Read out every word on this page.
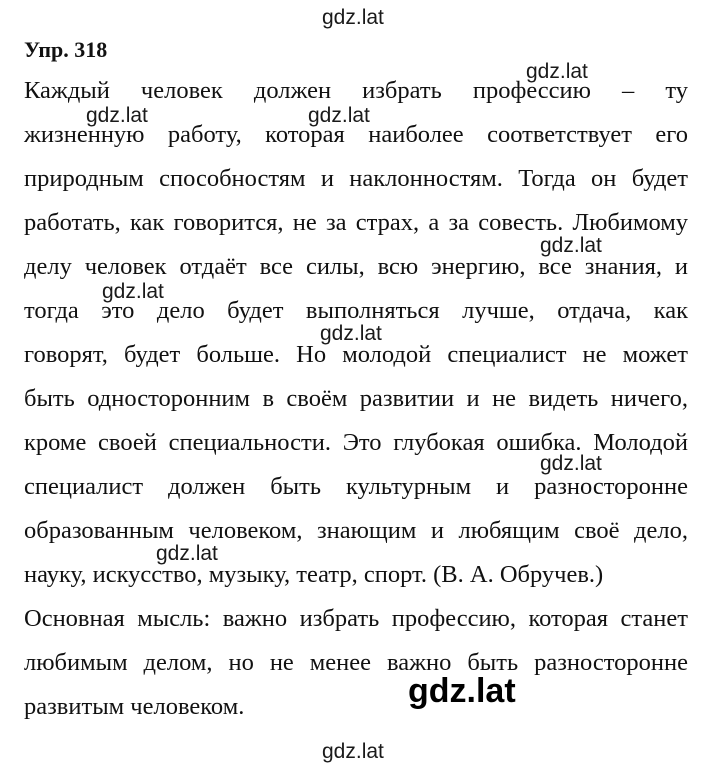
gdz.lat
gdz.lat
gdz.lat	gdz.lat
gdz.lat
gdz.lat
gdz.lat
gdz.lat
gdz.lat
gdz.lat
gdz.lat
Упр. 318
Каждый человек должен избрать профессию – ту
жизненную работу, которая наиболее соответствует его
природным способностям и наклонностям. Тогда он будет
работать, как говорится, не за страх, а за совесть. Любимому
делу человек отдаёт все силы, всю энергию, все знания, и
тогда это дело будет выполняться лучше, отдача, как
говорят, будет больше. Но молодой специалист не может
быть односторонним в своём развитии и не видеть ничего,
кроме своей специальности. Это глубокая ошибка. Молодой
специалист должен быть культурным и разносторонне
образованным человеком, знающим и любящим своё дело,
науку, искусство, музыку, театр, спорт. (В. А. Обручев.)
Основная мысль: важно избрать профессию, которая станет
любимым делом, но не менее важно быть разносторонне
развитым человеком.
